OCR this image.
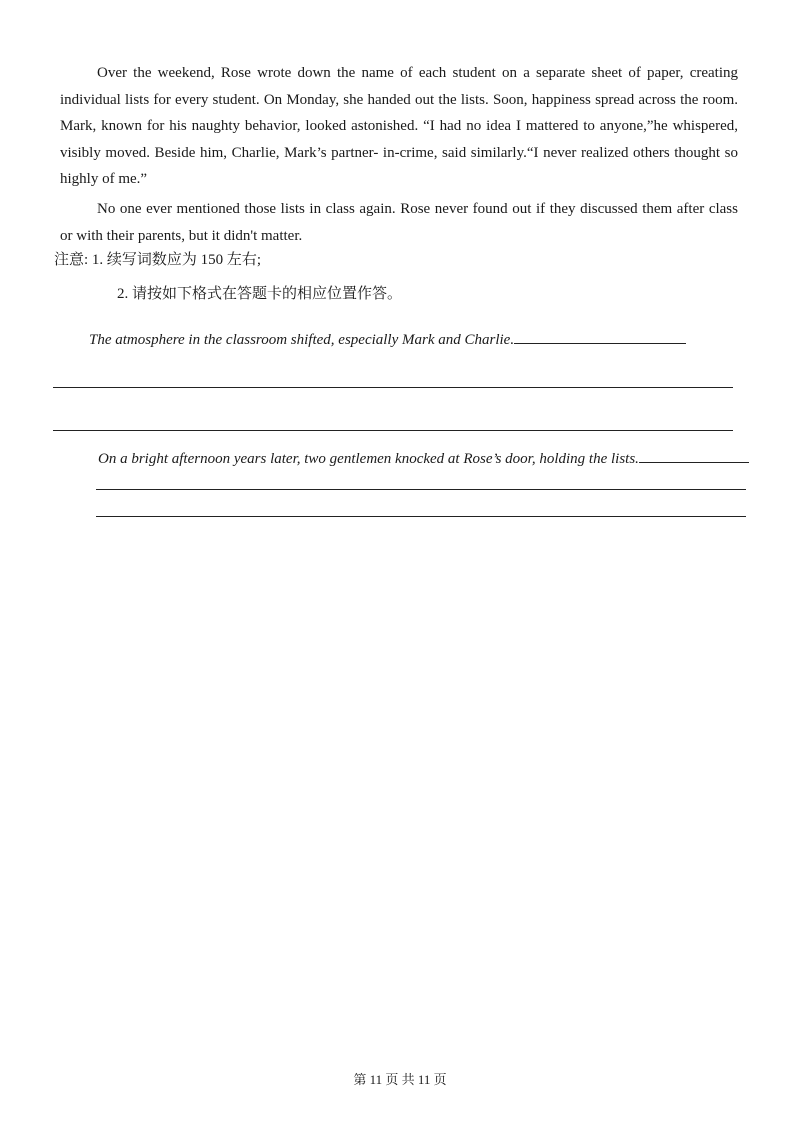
Over the weekend, Rose wrote down the name of each student on a separate sheet of paper, creating individual lists for every student. On Monday, she handed out the lists. Soon, happiness spread across the room. Mark, known for his naughty behavior, looked astonished. “I had no idea I mattered to anyone,”he whispered, visibly moved. Beside him, Charlie, Mark’s partner- in-crime, said similarly.“I never realized others thought so highly of me.”

No one ever mentioned those lists in class again. Rose never found out if they discussed them after class or with their parents, but it didn't matter.

注意: 1. 续写词数应为 150 左右;
2. 请按如下格式在答题卡的相应位置作答。
The atmosphere in the classroom shifted, especially Mark and Charlie.
On a bright afternoon years later, two gentlemen knocked at Rose’s door, holding the lists.
第 11 页 共 11 页
